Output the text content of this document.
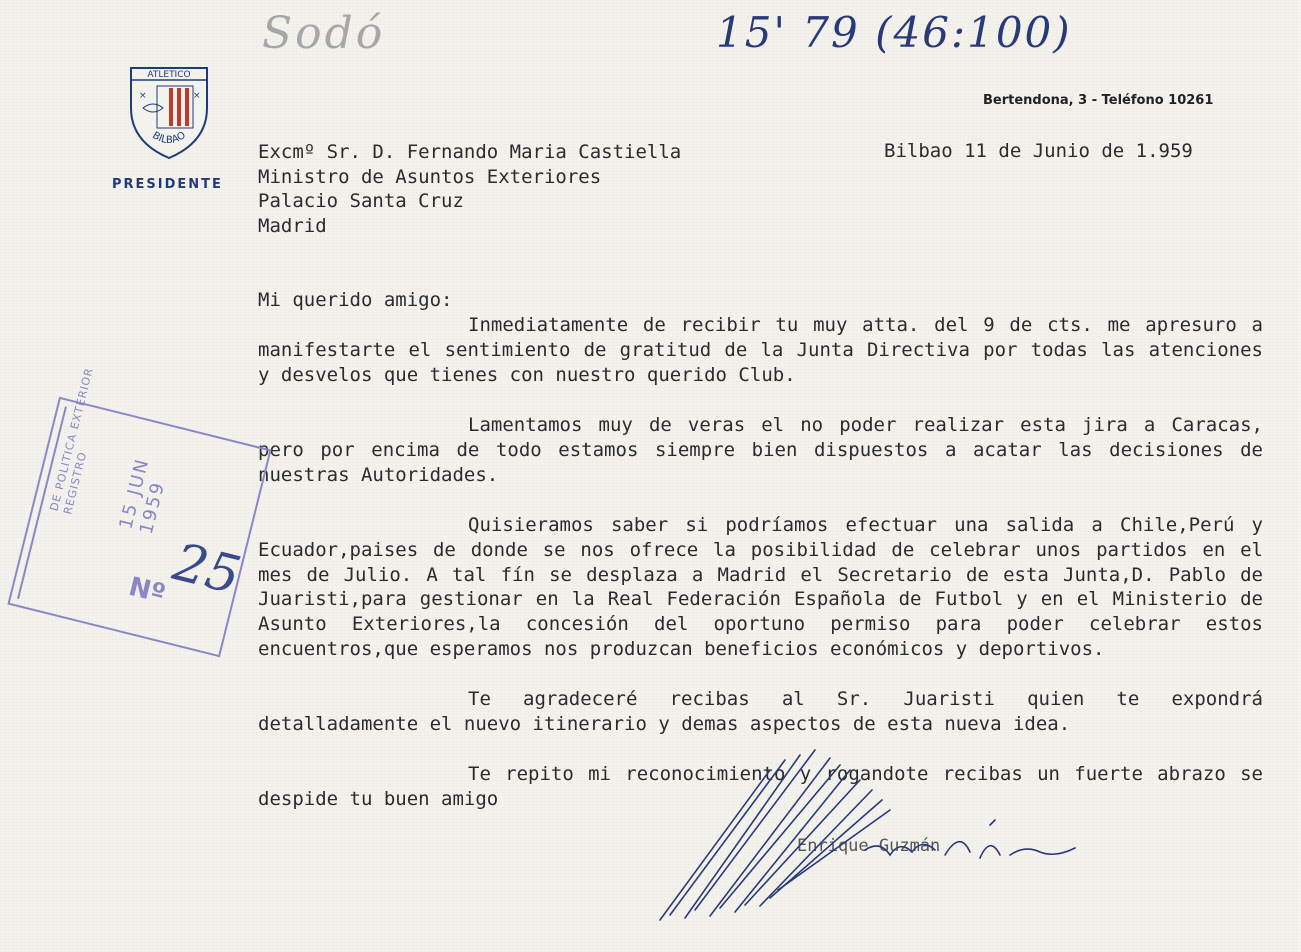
Sodó	15' 79 (46:100)
ATLETICO
×	×
BILBAO
PRESIDENTE
Bertendona, 3 - Teléfono 10261
Excmº Sr. D. Fernando Maria Castiella
Ministro de Asuntos Exteriores
Palacio Santa Cruz
Madrid
Bilbao 11 de Junio de 1.959
Mi querido amigo:
Inmediatamente de recibir tu muy atta. del 9 de cts. me apresuro a manifestarte el sentimiento de gratitud de la Junta Directiva por todas las atenciones y desvelos que tienes con nuestro querido Club.
Lamentamos muy de veras el no poder realizar esta jira a Caracas, pero por encima de todo estamos siempre bien dispuestos a acatar las decisiones de nuestras Autoridades.
Quisieramos saber si podríamos efectuar una salida a Chile,Perú y Ecuador,paises de donde se nos ofrece la posibilidad de celebrar unos partidos en el mes de Julio. A tal fín se desplaza a Madrid el Secretario de esta Junta,D. Pablo de Juaristi,para gestionar en la Real Federación Española de Futbol y en el Ministerio de Asunto Exteriores,la concesión del oportuno permiso para poder celebrar estos encuentros,que esperamos nos produzcan beneficios económicos y deportivos.
Te agradeceré recibas al Sr. Juaristi quien te expondrá detalladamente el nuevo itinerario y demas aspectos de esta nueva idea.
Te repito mi reconocimiento y rogandote recibas un fuerte abrazo se despide tu buen amigo
Enrique Guzmán
DE POLITICA EXTERIOR REGISTRO	15 JUN 1959
Nº 25
